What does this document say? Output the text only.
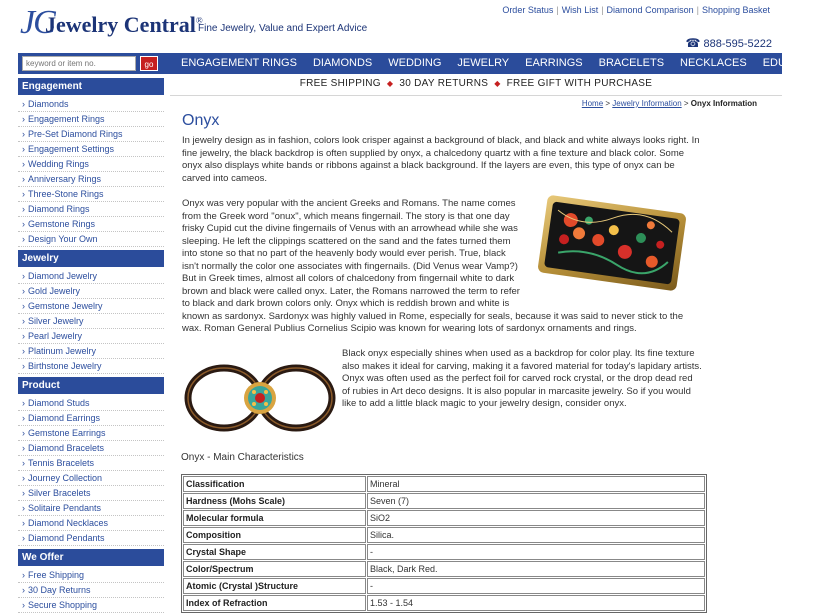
JC
Jewelry Central®
Fine Jewelry, Value and Expert Advice
Order Status | Wish List | Diamond Comparison | Shopping Basket
☎ 888-595-5222
keyword or item no.
go	ENGAGEMENT RINGS	DIAMONDS	WEDDING	JEWELRY	EARRINGS	BRACELETS	NECKLACES	EDUCATION
FREE SHIPPING ◆ 30 DAY RETURNS ◆ FREE GIFT WITH PURCHASE
Engagement
› Diamonds
› Engagement Rings
› Pre-Set Diamond Rings
› Engagement Settings
› Wedding Rings
› Anniversary Rings
› Three-Stone Rings
› Diamond Rings
› Gemstone Rings
› Design Your Own
Jewelry
› Diamond Jewelry
› Gold Jewelry
› Gemstone Jewelry
› Silver Jewelry
› Pearl Jewelry
› Platinum Jewelry
› Birthstone Jewelry
Product
› Diamond Studs
› Diamond Earrings
› Gemstone Earrings
› Diamond Bracelets
› Tennis Bracelets
› Journey Collection
› Silver Bracelets
› Solitaire Pendants
› Diamond Necklaces
› Diamond Pendants
We Offer
› Free Shipping
› 30 Day Returns
› Secure Shopping
Home > Jewelry Information > Onyx Information
Onyx
In jewelry design as in fashion, colors look crisper against a background of black, and black and white always looks right. In fine jewelry, the black backdrop is often supplied by onyx, a chalcedony quartz with a fine texture and black color. Some onyx also displays white bands or ribbons against a black background. If the layers are even, this type of onyx can be carved into cameos.
Onyx was very popular with the ancient Greeks and Romans. The name comes from the Greek word "onux", which means fingernail. The story is that one day frisky Cupid cut the divine fingernails of Venus with an arrowhead while she was sleeping. He left the clippings scattered on the sand and the fates turned them into stone so that no part of the heavenly body would ever perish. True, black isn't normally the color one associates with fingernails. (Did Venus wear Vamp?) But in Greek times, almost all colors of chalcedony from fingernail white to dark brown and black were called onyx. Later, the Romans narrowed the term to refer to black and dark brown colors only. Onyx which is reddish brown and white is known as sardonyx. Sardonyx was highly valued in Rome, especially for seals, because it was said to never stick to the wax. Roman General Publius Cornelius Scipio was known for wearing lots of sardonyx ornaments and rings.
Black onyx especially shines when used as a backdrop for color play. Its fine texture also makes it ideal for carving, making it a favored material for today's lapidary artists. Onyx was often used as the perfect foil for carved rock crystal, or the drop dead red of rubies in Art deco designs. It is also popular in marcasite jewelry. So if you would like to add a little black magic to your jewelry design, consider onyx.
Onyx - Main Characteristics
Classification	Mineral
Hardness (Mohs Scale)	Seven (7)
Molecular formula	SiO2
Composition	Silica.
Crystal Shape	-
Color/Spectrum	Black, Dark Red.
Atomic (Crystal )Structure	-
Index of Refraction	1.53 - 1.54
